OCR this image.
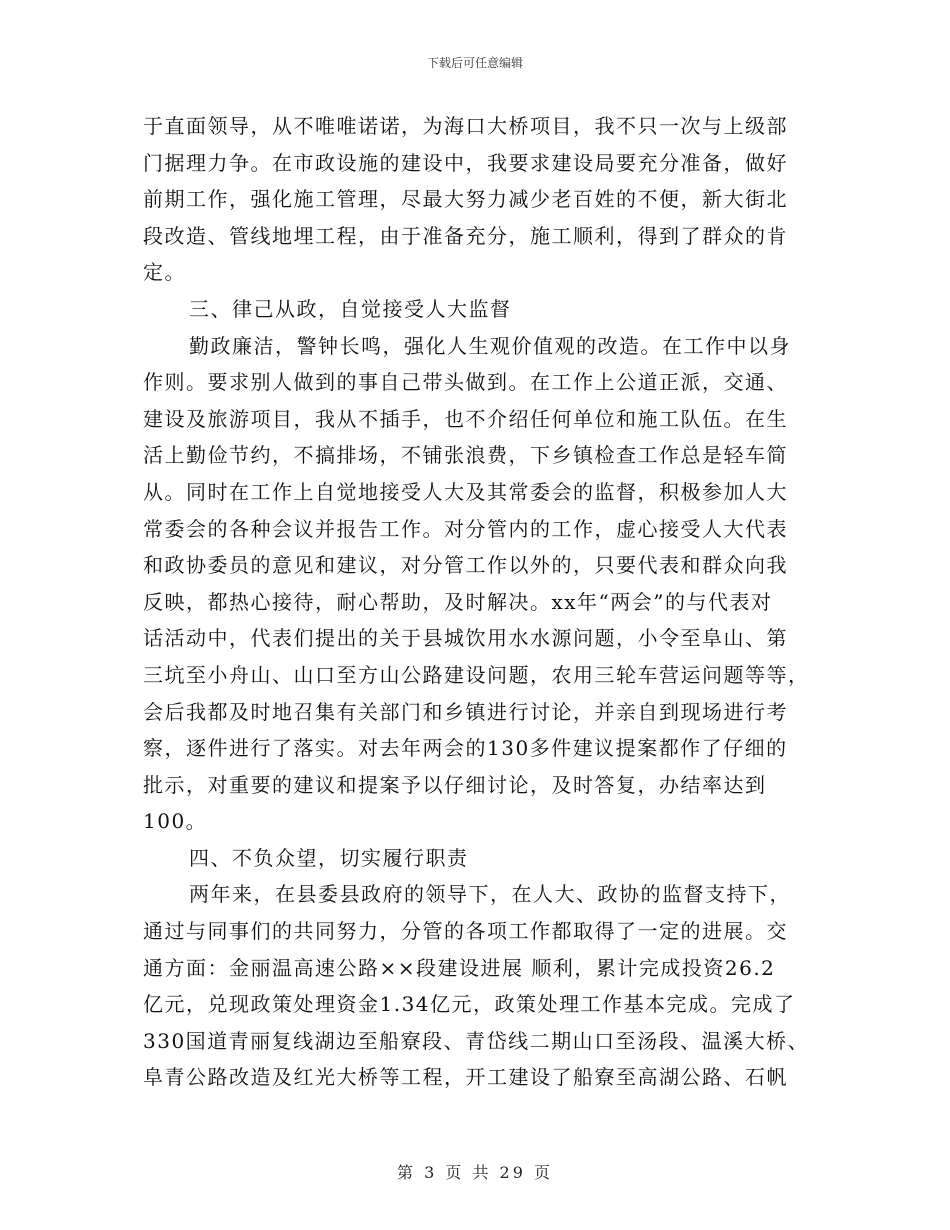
下载后可任意编辑
于直面领导，从不唯唯诺诺，为海口大桥项目，我不只一次与上级部
门据理力争。在市政设施的建设中，我要求建设局要充分准备，做好
前期工作，强化施工管理，尽最大努力减少老百姓的不便，新大街北
段改造、管线地埋工程，由于准备充分，施工顺利，得到了群众的肯
定。
三、律己从政，自觉接受人大监督
勤政廉洁，警钟长鸣，强化人生观价值观的改造。在工作中以身
作则。要求别人做到的事自己带头做到。在工作上公道正派，交通、
建设及旅游项目，我从不插手，也不介绍任何单位和施工队伍。在生
活上勤俭节约，不搞排场，不铺张浪费，下乡镇检查工作总是轻车简
从。同时在工作上自觉地接受人大及其常委会的监督，积极参加人大
常委会的各种会议并报告工作。对分管内的工作，虚心接受人大代表
和政协委员的意见和建议，对分管工作以外的，只要代表和群众向我
反映，都热心接待，耐心帮助，及时解决。xx年“两会”的与代表对
话活动中，代表们提出的关于县城饮用水水源问题，小令至阜山、第
三坑至小舟山、山口至方山公路建设问题，农用三轮车营运问题等等，
会后我都及时地召集有关部门和乡镇进行讨论，并亲自到现场进行考
察，逐件进行了落实。对去年两会的130多件建议提案都作了仔细的
批示，对重要的建议和提案予以仔细讨论，及时答复，办结率达到
100。
四、不负众望，切实履行职责
两年来，在县委县政府的领导下，在人大、政协的监督支持下，
通过与同事们的共同努力，分管的各项工作都取得了一定的进展。交
通方面：金丽温高速公路××段建设进展 顺利，累计完成投资26.2
亿元，兑现政策处理资金1.34亿元，政策处理工作基本完成。完成了
330国道青丽复线湖边至船寮段、青岱线二期山口至汤段、温溪大桥、
阜青公路改造及红光大桥等工程，开工建设了船寮至高湖公路、石帆
第 3 页 共 29 页
